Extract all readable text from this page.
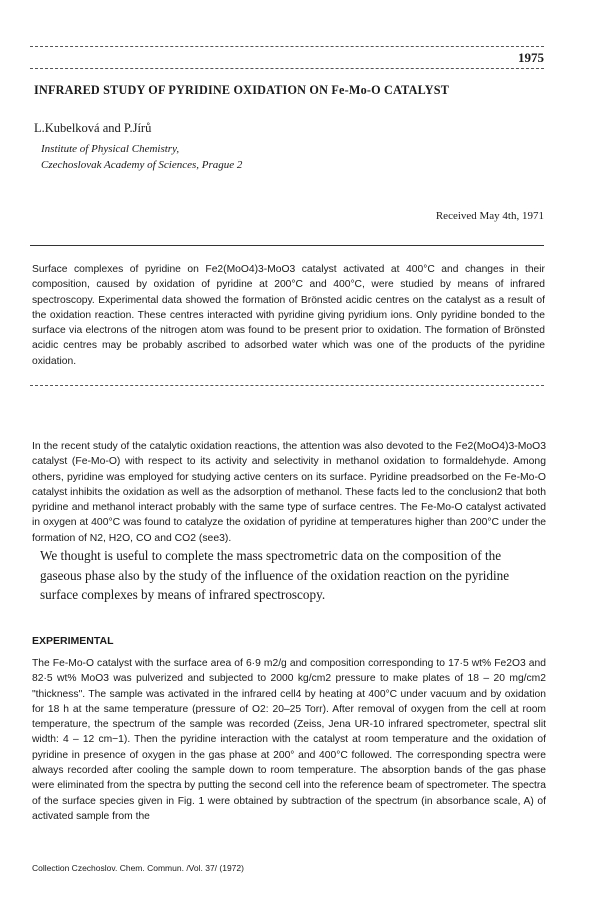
1975
INFRARED STUDY OF PYRIDINE OXIDATION ON Fe-Mo-O CATALYST
L.Kubelková and P.Jírů
Institute of Physical Chemistry,
Czechoslovak Academy of Sciences, Prague 2
Received May 4th, 1971

Surface complexes of pyridine on Fe2(MoO4)3-MoO3 catalyst activated at 400°C and changes in their composition, caused by oxidation of pyridine at 200°C and 400°C, were studied by means of infrared spectroscopy. Experimental data showed the formation of Brönsted acidic centres on the catalyst as a result of the oxidation reaction. These centres interacted with pyridine giving pyridium ions. Only pyridine bonded to the surface via electrons of the nitrogen atom was found to be present prior to oxidation. The formation of Brönsted acidic centres may be probably ascribed to adsorbed water which was one of the products of the pyridine oxidation.

In the recent study of the catalytic oxidation reactions, the attention was also devoted to the Fe2(MoO4)3-MoO3 catalyst (Fe-Mo-O) with respect to its activity and selectivity in methanol oxidation to formaldehyde. Among others, pyridine was employed for studying active centers on its surface. Pyridine preadsorbed on the Fe-Mo-O catalyst inhibits the oxidation as well as the adsorption of methanol. These facts led to the conclusion2 that both pyridine and methanol interact probably with the same type of surface centres. The Fe-Mo-O catalyst activated in oxygen at 400°C was found to catalyze the oxidation of pyridine at temperatures higher than 200°C under the formation of N2, H2O, CO and CO2 (see3).

We thought is useful to complete the mass spectrometric data on the composition of the gaseous phase also by the study of the influence of the oxidation reaction on the pyridine surface complexes by means of infrared spectroscopy.

EXPERIMENTAL

The Fe-Mo-O catalyst with the surface area of 6·9 m2/g and composition corresponding to 17·5 wt% Fe2O3 and 82·5 wt% MoO3 was pulverized and subjected to 2000 kg/cm2 pressure to make plates of 18 – 20 mg/cm2 "thickness". The sample was activated in the infrared cell4 by heating at 400°C under vacuum and by oxidation for 18 h at the same temperature (pressure of O2: 20–25 Torr). After removal of oxygen from the cell at room temperature, the spectrum of the sample was recorded (Zeiss, Jena UR-10 infrared spectrometer, spectral slit width: 4 – 12 cm−1). Then the pyridine interaction with the catalyst at room temperature and the oxidation of pyridine in presence of oxygen in the gas phase at 200° and 400°C followed. The corresponding spectra were always recorded after cooling the sample down to room temperature. The absorption bands of the gas phase were eliminated from the spectra by putting the second cell into the reference beam of spectrometer. The spectra of the surface species given in Fig. 1 were obtained by subtraction of the spectrum (in absorbance scale, A) of activated sample from the

Collection Czechoslov. Chem. Commun. /Vol. 37/ (1972)
